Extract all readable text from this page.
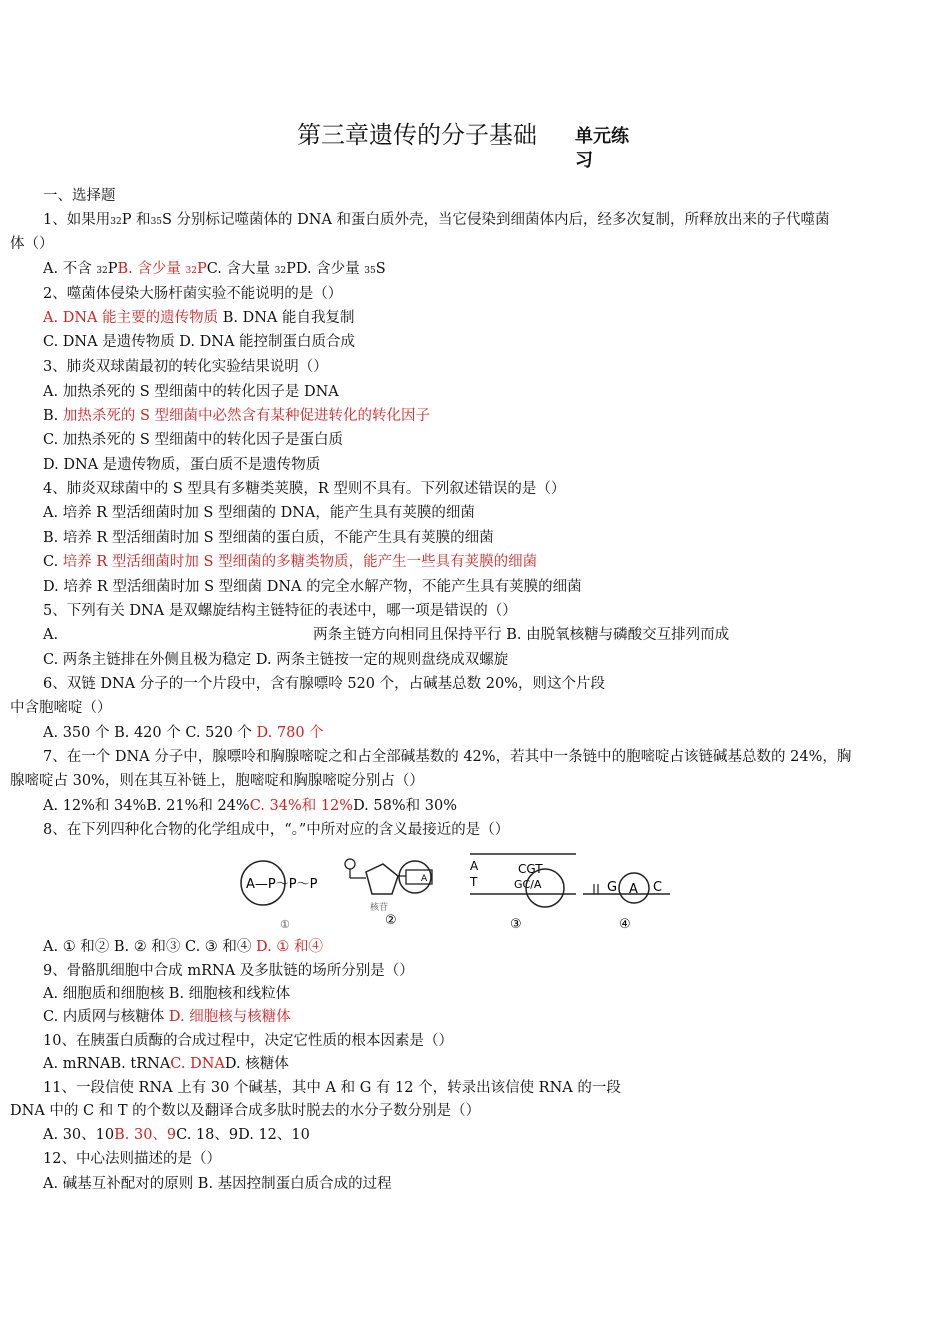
第三章遗传的分子基础 单元练习
一、选择题
1、如果用32P 和35S 分别标记噬菌体的 DNA 和蛋白质外壳，当它侵染到细菌体内后，经多次复制，所释放出来的子代噬菌
体（）
A. 不含 32PB. 含少量 32PC. 含大量 32PD. 含少量 35S
2、噬菌体侵染大肠杆菌实验不能说明的是（）
A. DNA 能主要的遗传物质 B. DNA 能自我复制
C. DNA 是遗传物质 D. DNA 能控制蛋白质合成
3、肺炎双球菌最初的转化实验结果说明（）
A. 加热杀死的 S 型细菌中的转化因子是 DNA
B. 加热杀死的 S 型细菌中必然含有某种促进转化的转化因子
C. 加热杀死的 S 型细菌中的转化因子是蛋白质
D. DNA 是遗传物质，蛋白质不是遗传物质
4、肺炎双球菌中的 S 型具有多糖类荚膜，R 型则不具有。下列叙述错误的是（）
A. 培养 R 型活细菌时加 S 型细菌的 DNA，能产生具有荚膜的细菌
B. 培养 R 型活细菌时加 S 型细菌的蛋白质，不能产生具有荚膜的细菌
C. 培养 R 型活细菌时加 S 型细菌的多糖类物质，能产生一些具有荚膜的细菌
D. 培养 R 型活细菌时加 S 型细菌 DNA 的完全水解产物，不能产生具有荚膜的细菌
5、下列有关 DNA 是双螺旋结构主链特征的表述中，哪一项是错误的（）
A.	两条主链方向相同且保持平行 B. 由脱氧核糖与磷酸交互排列而成
C. 两条主链排在外侧且极为稳定 D. 两条主链按一定的规则盘绕成双螺旋
6、双链 DNA 分子的一个片段中，含有腺嘌呤 520 个，占碱基总数 20%，则这个片段
中含胞嘧啶（）
A. 350 个 B. 420 个 C. 520 个 D. 780 个
7、在一个 DNA 分子中，腺嘌呤和胸腺嘧啶之和占全部碱基数的 42%，若其中一条链中的胞嘧啶占该链碱基总数的 24%，胸
腺嘧啶占 30%，则在其互补链上，胞嘧啶和胸腺嘧啶分别占（）
A. 12%和 34%B. 21%和 24%C. 34%和 12%D. 58%和 30%
8、在下列四种化合物的化学组成中，“。”中所对应的含义最接近的是（）
A—P～P～P
①
A
核苷
②
A
T
CGT
GC/A
③
G A C
④
A. ① 和② B. ② 和③ C. ③ 和④ D. ① 和④
9、骨骼肌细胞中合成 mRNA 及多肽链的场所分别是（）
A. 细胞质和细胞核 B. 细胞核和线粒体
C. 内质网与核糖体 D. 细胞核与核糖体
10、在胰蛋白质酶的合成过程中，决定它性质的根本因素是（）
A. mRNAB. tRNAC. DNAD. 核糖体
11、一段信使 RNA 上有 30 个碱基，其中 A 和 G 有 12 个，转录出该信使 RNA 的一段
DNA 中的 C 和 T 的个数以及翻译合成多肽时脱去的水分子数分别是（）
A. 30、10B. 30、9C. 18、9D. 12、10
12、中心法则描述的是（）
A. 碱基互补配对的原则 B. 基因控制蛋白质合成的过程
